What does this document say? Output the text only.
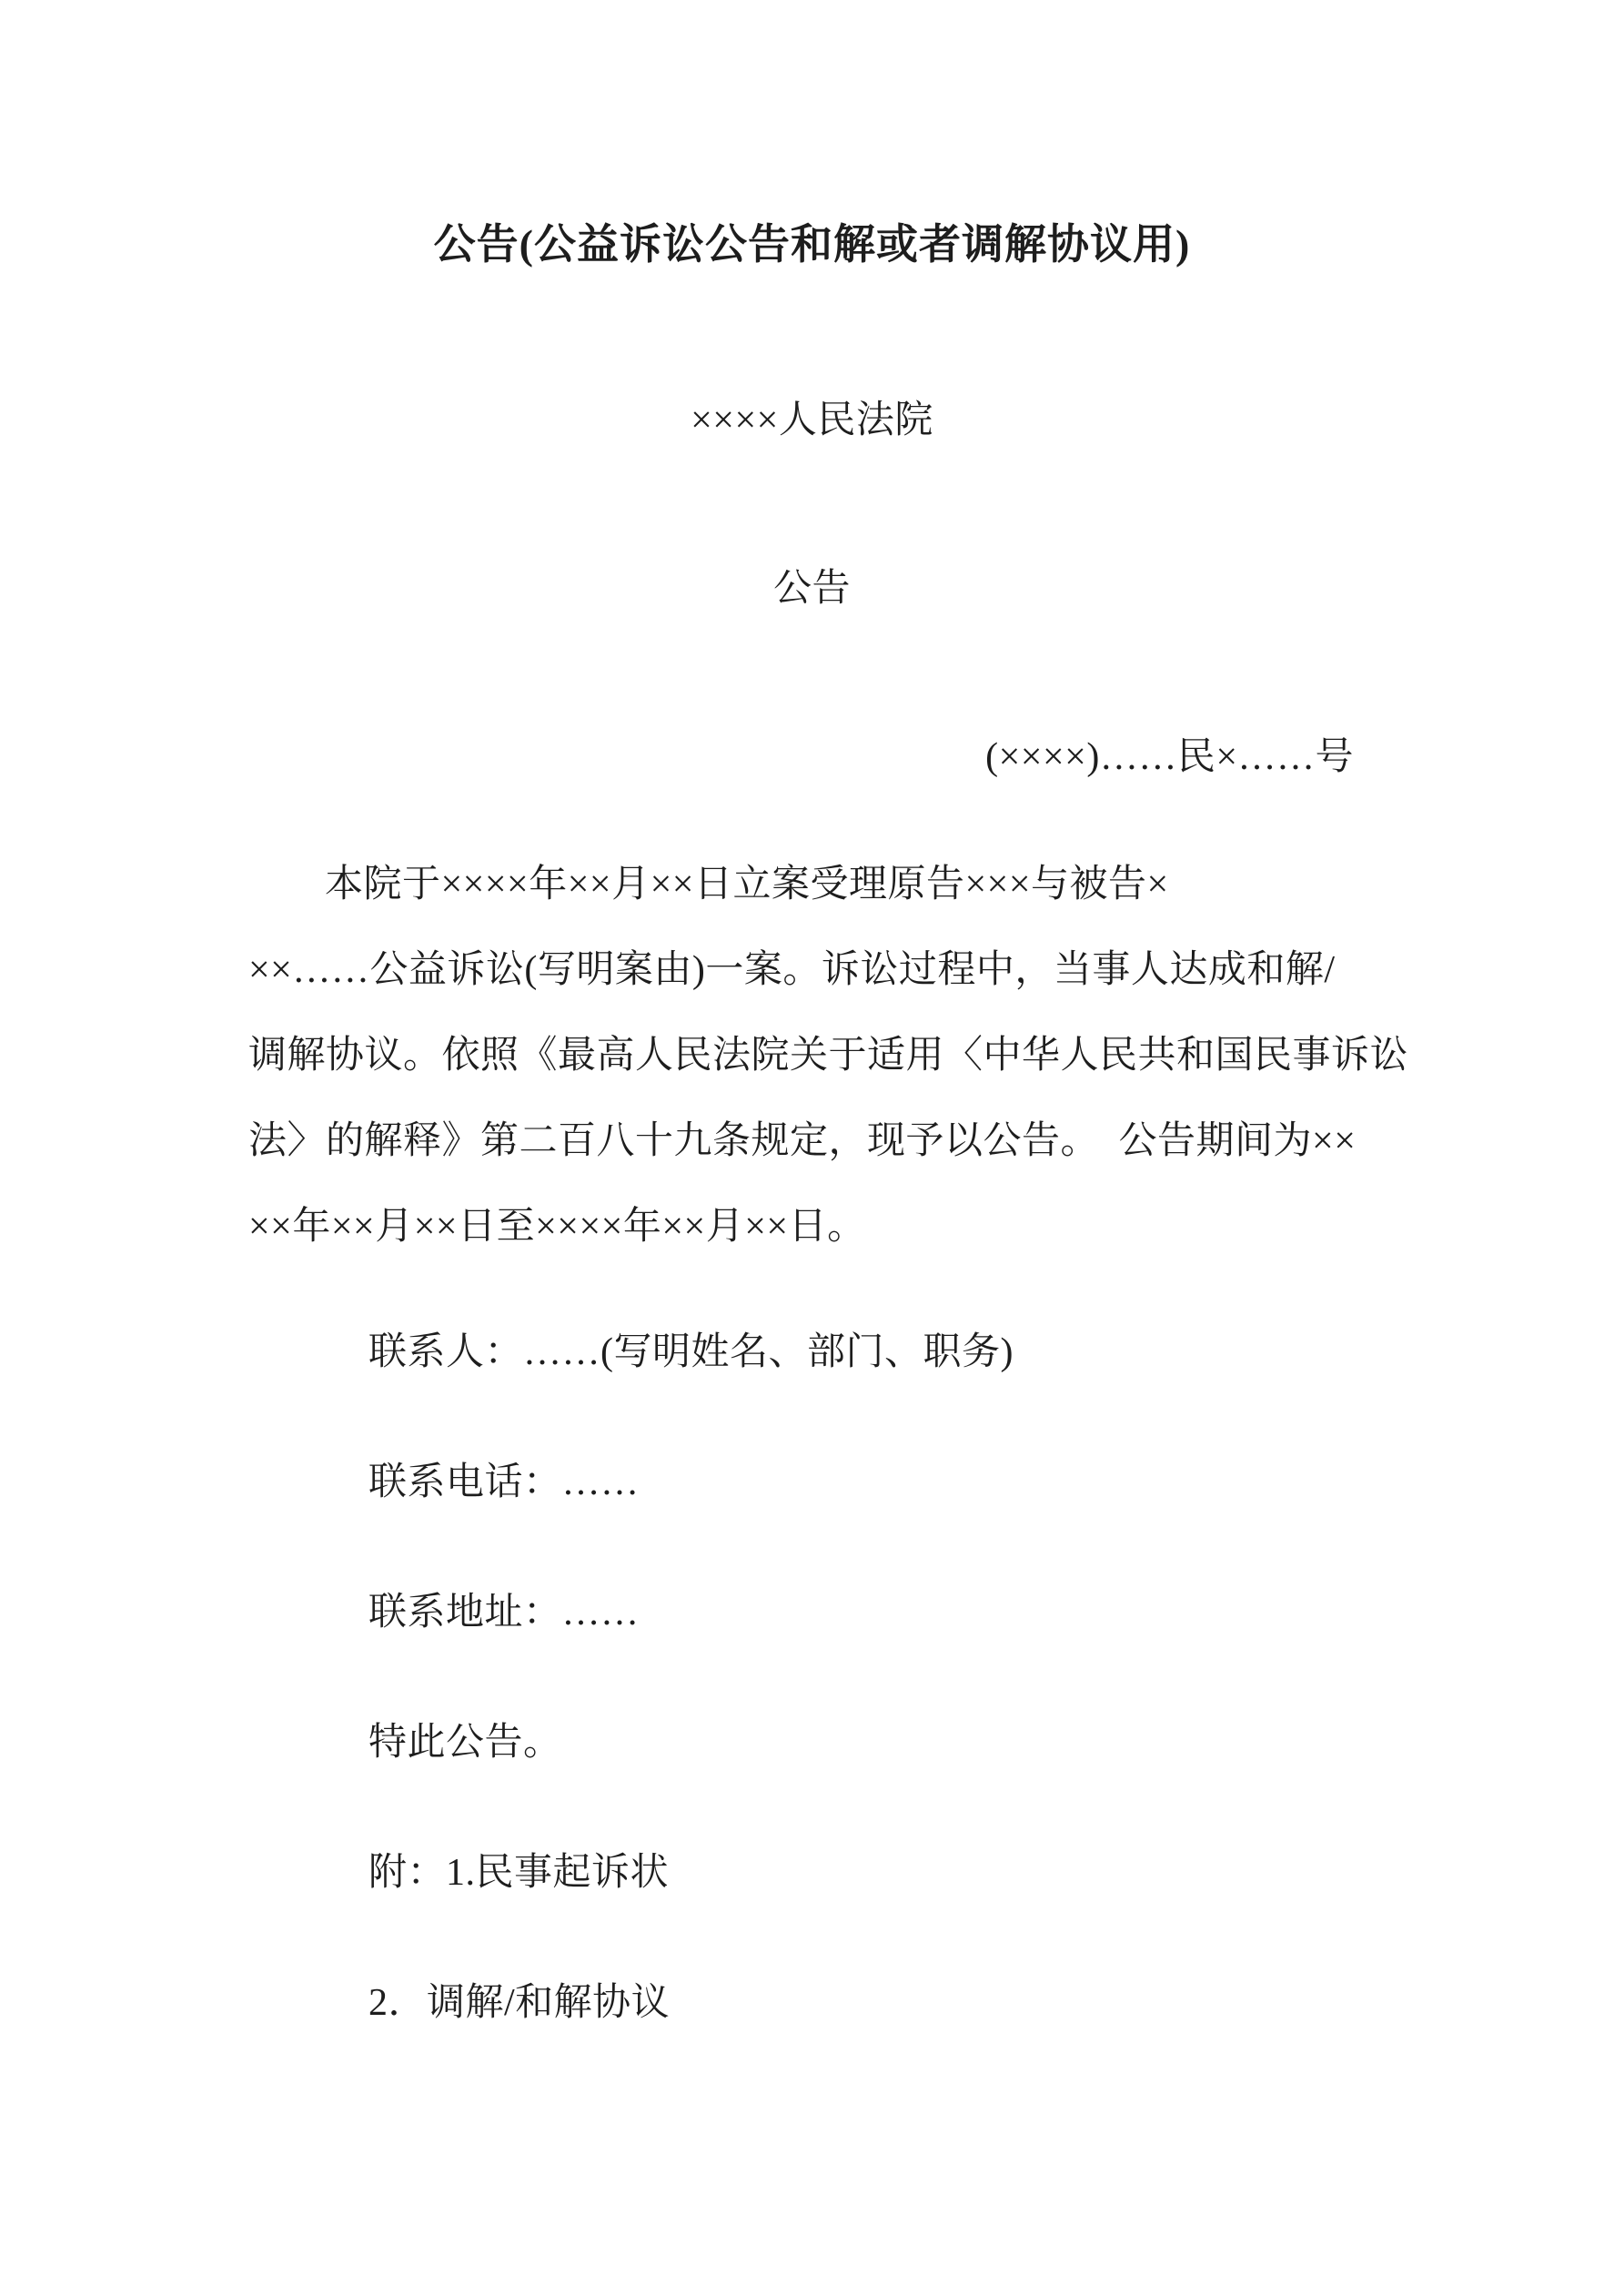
公告(公益诉讼公告和解或者调解协议用)
××××人民法院
公告
(××××)……民×……号
本院于××××年××月××日立案受理原告×××与被告×
××……公益诉讼(写明案由)一案。诉讼过程中，当事人达成和解/
调解协议。依照《最高人民法院关于适用〈中华人民共和国民事诉讼
法〉的解释》第二百八十九条规定，现予以公告。　公告期间为××
××年××月××日至××××年××月××日。
联系人：……(写明姓名、部门、职务)
联系电话：……
联系地址：……
特此公告。
附：1.民事起诉状
2．调解/和解协议
